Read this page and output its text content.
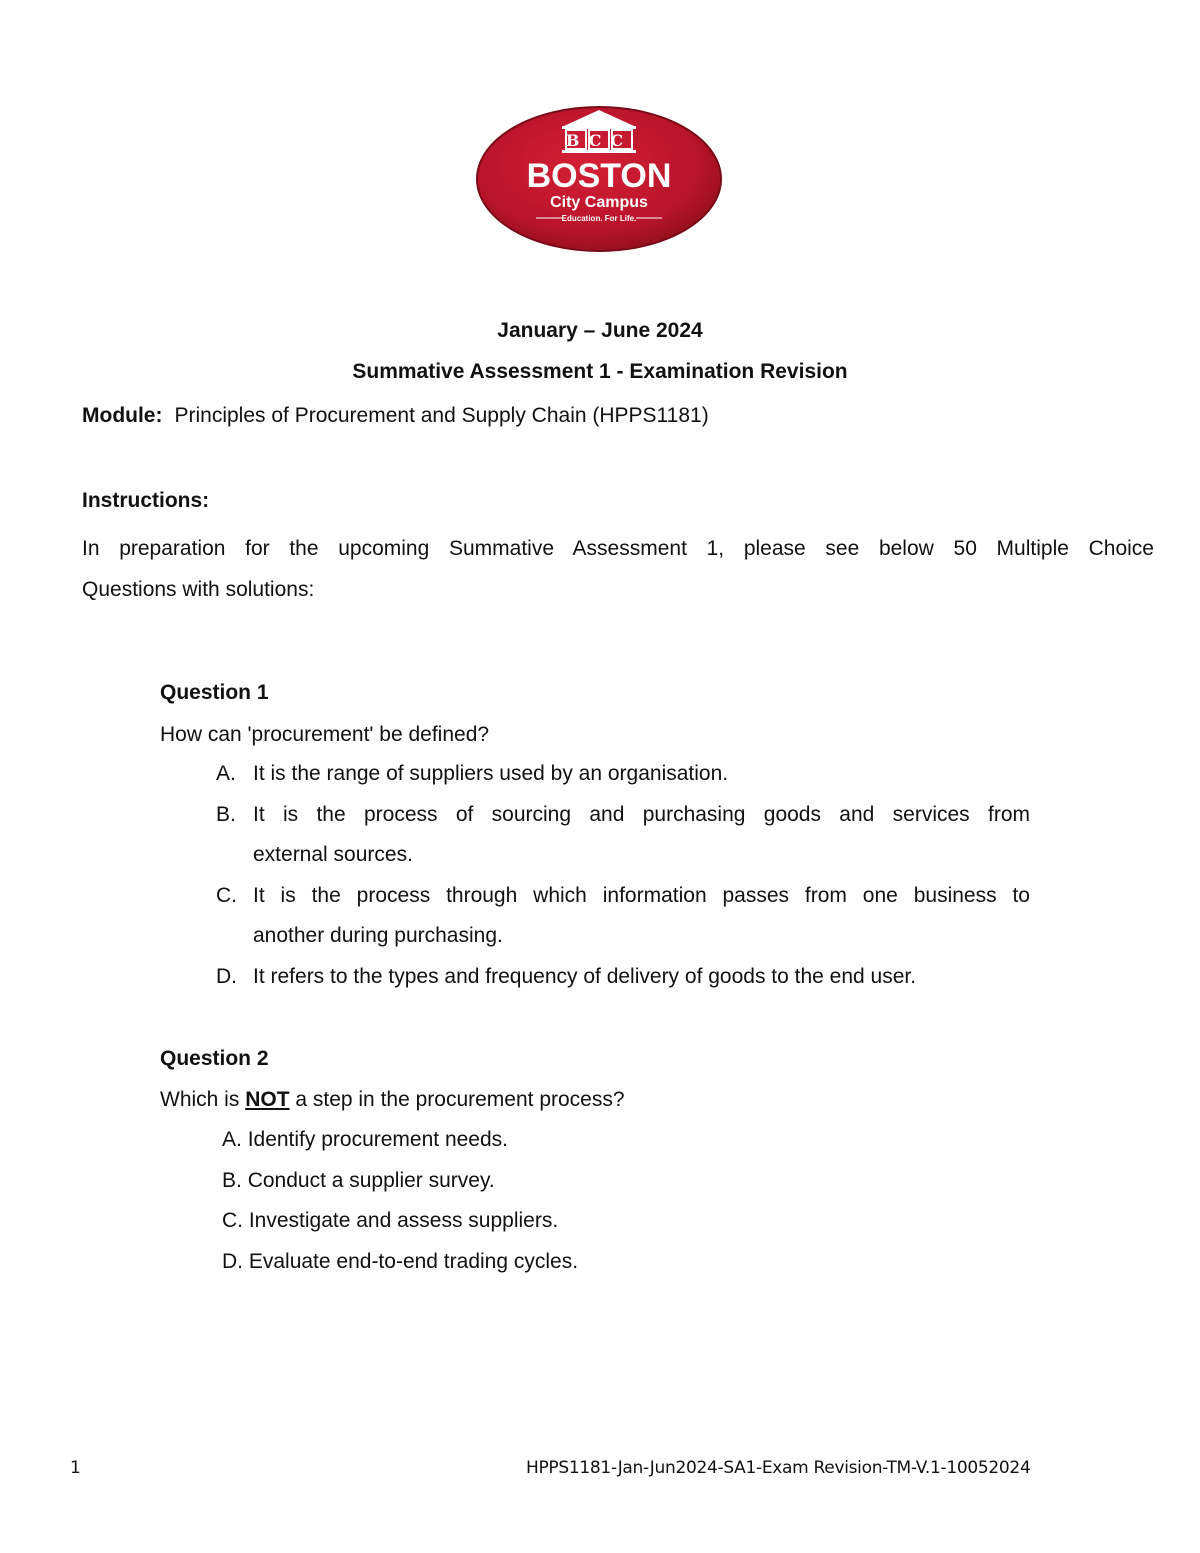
BCC
BOSTON
City Campus
Education. For Life.
January – June 2024
Summative Assessment 1 - Examination Revision
Module: Principles of Procurement and Supply Chain (HPPS1181)
Instructions:
In preparation for the upcoming Summative Assessment 1, please see below 50 Multiple Choice
Questions with solutions:
Question 1
How can 'procurement' be defined?
A. It is the range of suppliers used by an organisation.
B. It is the process of sourcing and purchasing goods and services from
external sources.
C. It is the process through which information passes from one business to
another during purchasing.
D. It refers to the types and frequency of delivery of goods to the end user.
Question 2
Which is NOT a step in the procurement process?
A. Identify procurement needs.
B. Conduct a supplier survey.
C. Investigate and assess suppliers.
D. Evaluate end-to-end trading cycles.
1	HPPS1181-Jan-Jun2024-SA1-Exam Revision-TM-V.1-10052024
